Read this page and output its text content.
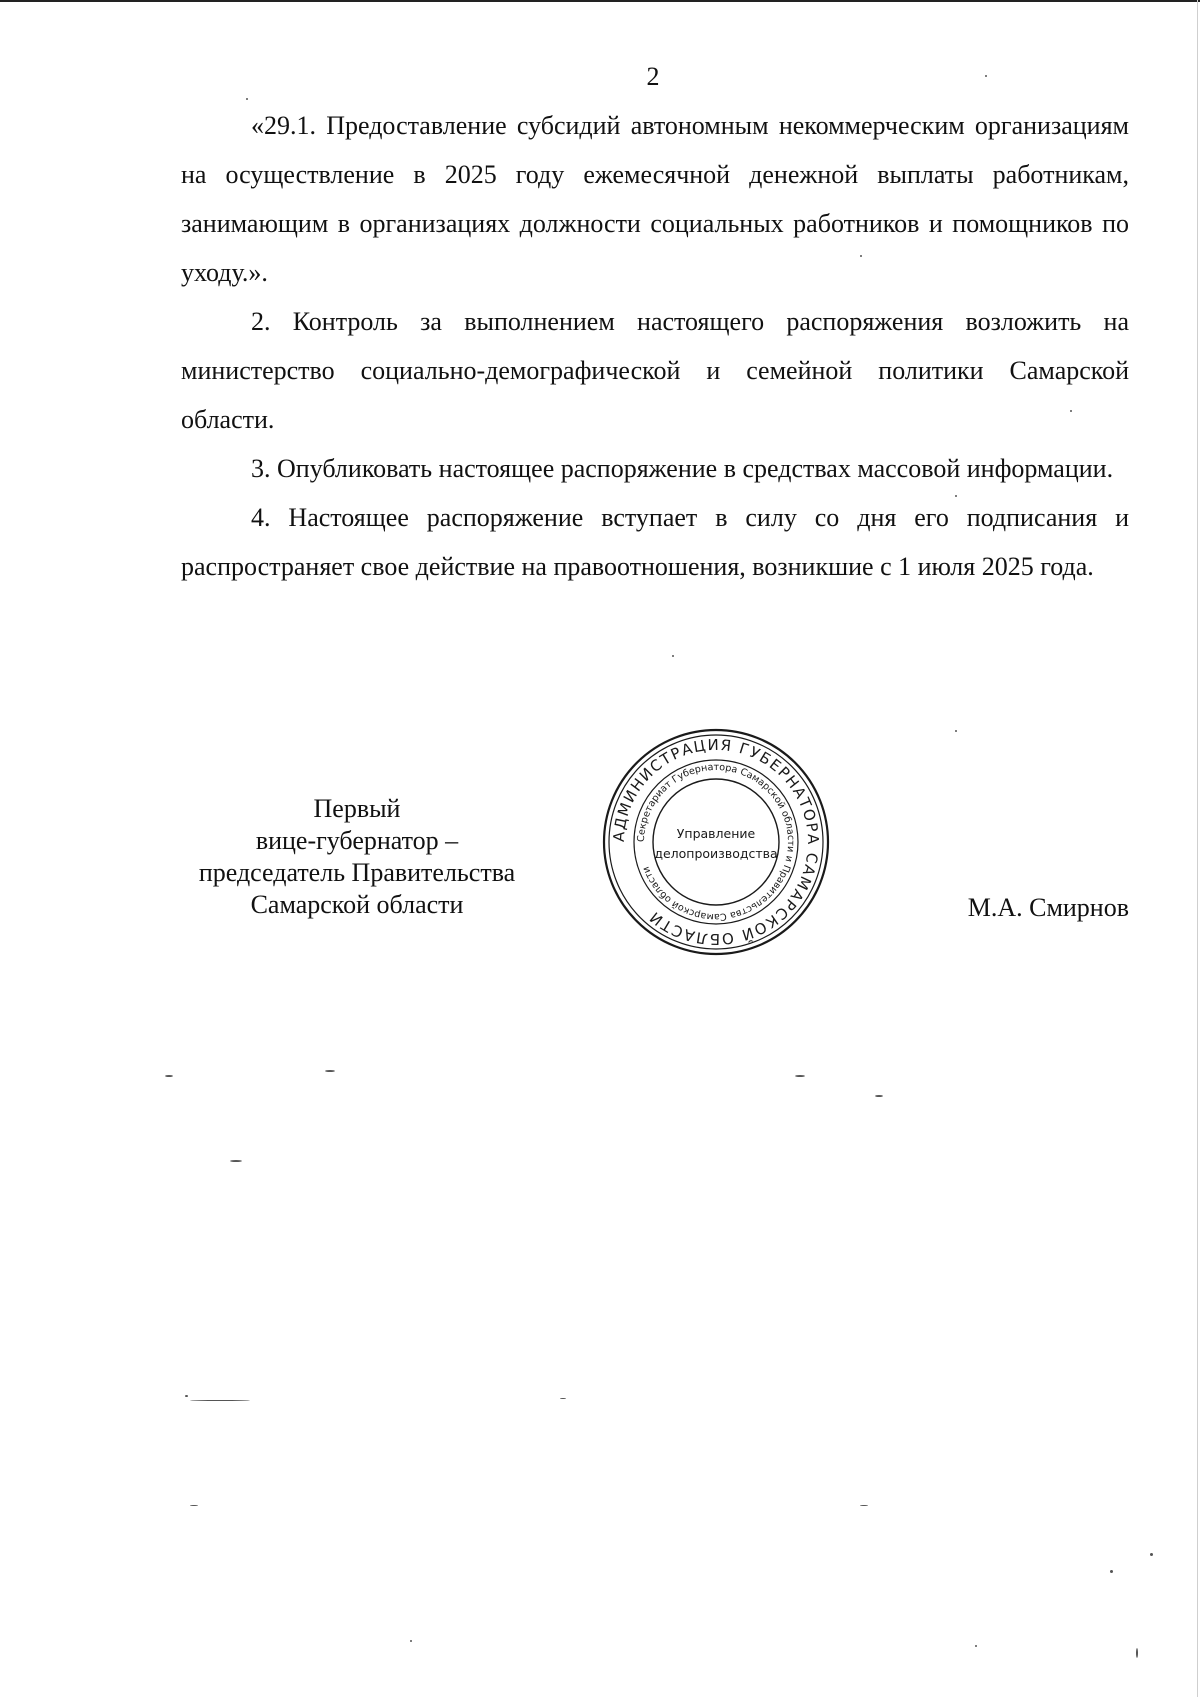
2

«29.1. Предоставление субсидий автономным некоммерческим организациям на осуществление в 2025 году ежемесячной денежной выплаты работникам, занимающим в организациях должности социальных работников и помощников по уходу.».

2. Контроль за выполнением настоящего распоряжения возложить на министерство социально-демографической и семейной политики Самарской области.

3. Опубликовать настоящее распоряжение в средствах массовой информации.

4. Настоящее распоряжение вступает в силу со дня его подписания и распространяет свое действие на правоотношения, возникшие с 1 июля 2025 года.

Первый
вице-губернатор –
председатель Правительства
Самарской области
АДМИНИСТРАЦИЯ ГУБЕРНАТОРА САМАРСКОЙ ОБЛАСТИ
Секретариат Губернатора Самарской области и Правительства Самарской области
Управление
делопроизводства
М.А. Смирнов
